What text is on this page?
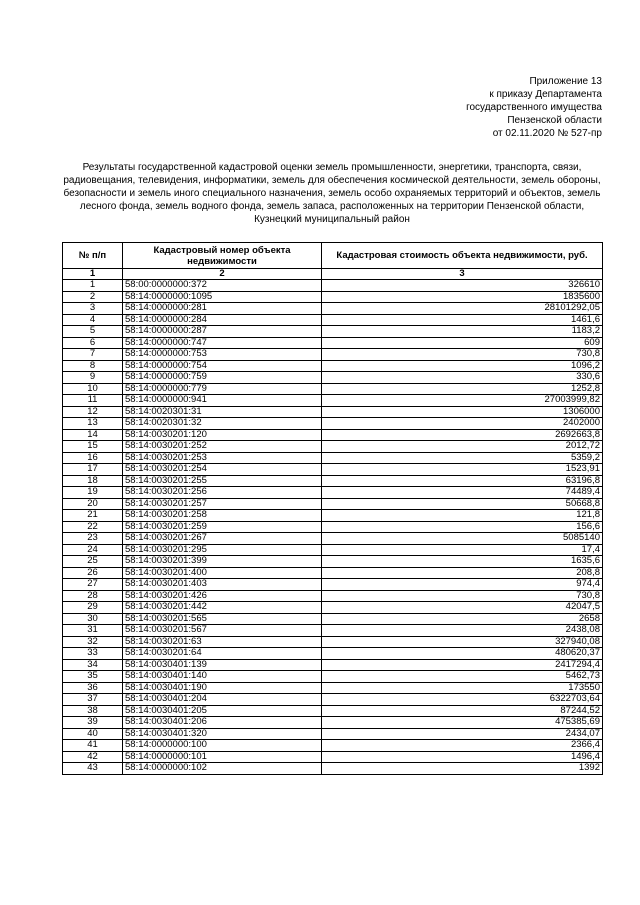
Приложение 13
к приказу Департамента
государственного имущества
Пензенской области
от 02.11.2020 № 527-пр
Результаты государственной кадастровой оценки земель промышленности, энергетики, транспорта, связи, радиовещания, телевидения, информатики, земель для обеспечения космической деятельности, земель обороны, безопасности и земель иного специального назначения, земель особо охраняемых территорий и объектов, земель лесного фонда, земель водного фонда, земель запаса, расположенных на территории Пензенской области, Кузнецкий муниципальный район
№ п/п	Кадастровый номер объекта недвижимости	Кадастровая стоимость объекта недвижимости, руб.
1	2	3
1	58:00:0000000:372	326610
2	58:14:0000000:1095	1835600
3	58:14:0000000:281	28101292,05
4	58:14:0000000:284	1461,6
5	58:14:0000000:287	1183,2
6	58:14:0000000:747	609
7	58:14:0000000:753	730,8
8	58:14:0000000:754	1096,2
9	58:14:0000000:759	330,6
10	58:14:0000000:779	1252,8
11	58:14:0000000:941	27003999,82
12	58:14:0020301:31	1306000
13	58:14:0020301:32	2402000
14	58:14:0030201:120	2692663,8
15	58:14:0030201:252	2012,72
16	58:14:0030201:253	5359,2
17	58:14:0030201:254	1523,91
18	58:14:0030201:255	63196,8
19	58:14:0030201:256	74489,4
20	58:14:0030201:257	50668,8
21	58:14:0030201:258	121,8
22	58:14:0030201:259	156,6
23	58:14:0030201:267	5085140
24	58:14:0030201:295	17,4
25	58:14:0030201:399	1635,6
26	58:14:0030201:400	208,8
27	58:14:0030201:403	974,4
28	58:14:0030201:426	730,8
29	58:14:0030201:442	42047,5
30	58:14:0030201:565	2658
31	58:14:0030201:567	2438,08
32	58:14:0030201:63	327940,08
33	58:14:0030201:64	480620,37
34	58:14:0030401:139	2417294,4
35	58:14:0030401:140	5462,73
36	58:14:0030401:190	173550
37	58:14:0030401:204	6322703,64
38	58:14:0030401:205	87244,52
39	58:14:0030401:206	475385,69
40	58:14:0030401:320	2434,07
41	58:14:0000000:100	2366,4
42	58:14:0000000:101	1496,4
43	58:14:0000000:102	1392
